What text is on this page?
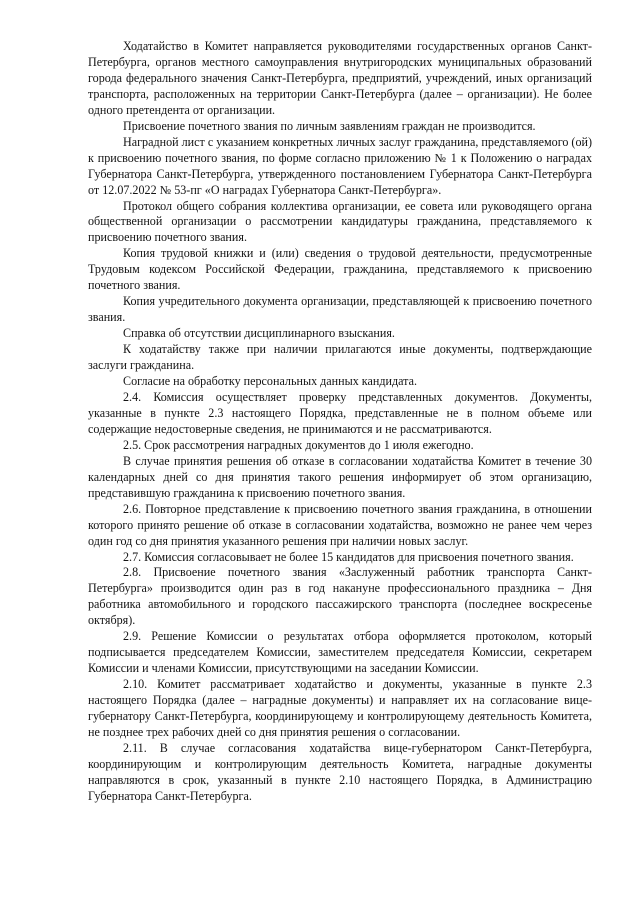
Ходатайство в Комитет направляется руководителями государственных органов Санкт-Петербурга, органов местного самоуправления внутригородских муниципальных образований города федерального значения Санкт-Петербурга, предприятий, учреждений, иных организаций транспорта, расположенных на территории Санкт-Петербурга (далее – организации). Не более одного претендента от организации.

Присвоение почетного звания по личным заявлениям граждан не производится.

Наградной лист с указанием конкретных личных заслуг гражданина, представляемого (ой) к присвоению почетного звания, по форме согласно приложению № 1 к Положению о наградах Губернатора Санкт-Петербурга, утвержденного постановлением Губернатора Санкт-Петербурга от 12.07.2022 № 53-пг «О наградах Губернатора Санкт-Петербурга».

Протокол общего собрания коллектива организации, ее совета или руководящего органа общественной организации о рассмотрении кандидатуры гражданина, представляемого к присвоению почетного звания.

Копия трудовой книжки и (или) сведения о трудовой деятельности, предусмотренные Трудовым кодексом Российской Федерации, гражданина, представляемого к присвоению почетного звания.

Копия учредительного документа организации, представляющей к присвоению почетного звания.

Справка об отсутствии дисциплинарного взыскания.

К ходатайству также при наличии прилагаются иные документы, подтверждающие заслуги гражданина.

Согласие на обработку персональных данных кандидата.

2.4. Комиссия осуществляет проверку представленных документов. Документы, указанные в пункте 2.3 настоящего Порядка, представленные не в полном объеме или содержащие недостоверные сведения, не принимаются и не рассматриваются.

2.5. Срок рассмотрения наградных документов до 1 июля ежегодно.

В случае принятия решения об отказе в согласовании ходатайства Комитет в течение 30 календарных дней со дня принятия такого решения информирует об этом организацию, представившую гражданина к присвоению почетного звания.

2.6. Повторное представление к присвоению почетного звания гражданина, в отношении которого принято решение об отказе в согласовании ходатайства, возможно не ранее чем через один год со дня принятия указанного решения при наличии новых заслуг.

2.7. Комиссия согласовывает не более 15 кандидатов для присвоения почетного звания.

2.8. Присвоение почетного звания «Заслуженный работник транспорта Санкт-Петербурга» производится один раз в год накануне профессионального праздника – Дня работника автомобильного и городского пассажирского транспорта (последнее воскресенье октября).

2.9. Решение Комиссии о результатах отбора оформляется протоколом, который подписывается председателем Комиссии, заместителем председателя Комиссии, секретарем Комиссии и членами Комиссии, присутствующими на заседании Комиссии.

2.10. Комитет рассматривает ходатайство и документы, указанные в пункте 2.3 настоящего Порядка (далее – наградные документы) и направляет их на согласование вице-губернатору Санкт-Петербурга, координирующему и контролирующему деятельность Комитета, не позднее трех рабочих дней со дня принятия решения о согласовании.

2.11. В случае согласования ходатайства вице-губернатором Санкт-Петербурга, координирующим и контролирующим деятельность Комитета, наградные документы направляются в срок, указанный в пункте 2.10 настоящего Порядка, в Администрацию Губернатора Санкт-Петербурга.
